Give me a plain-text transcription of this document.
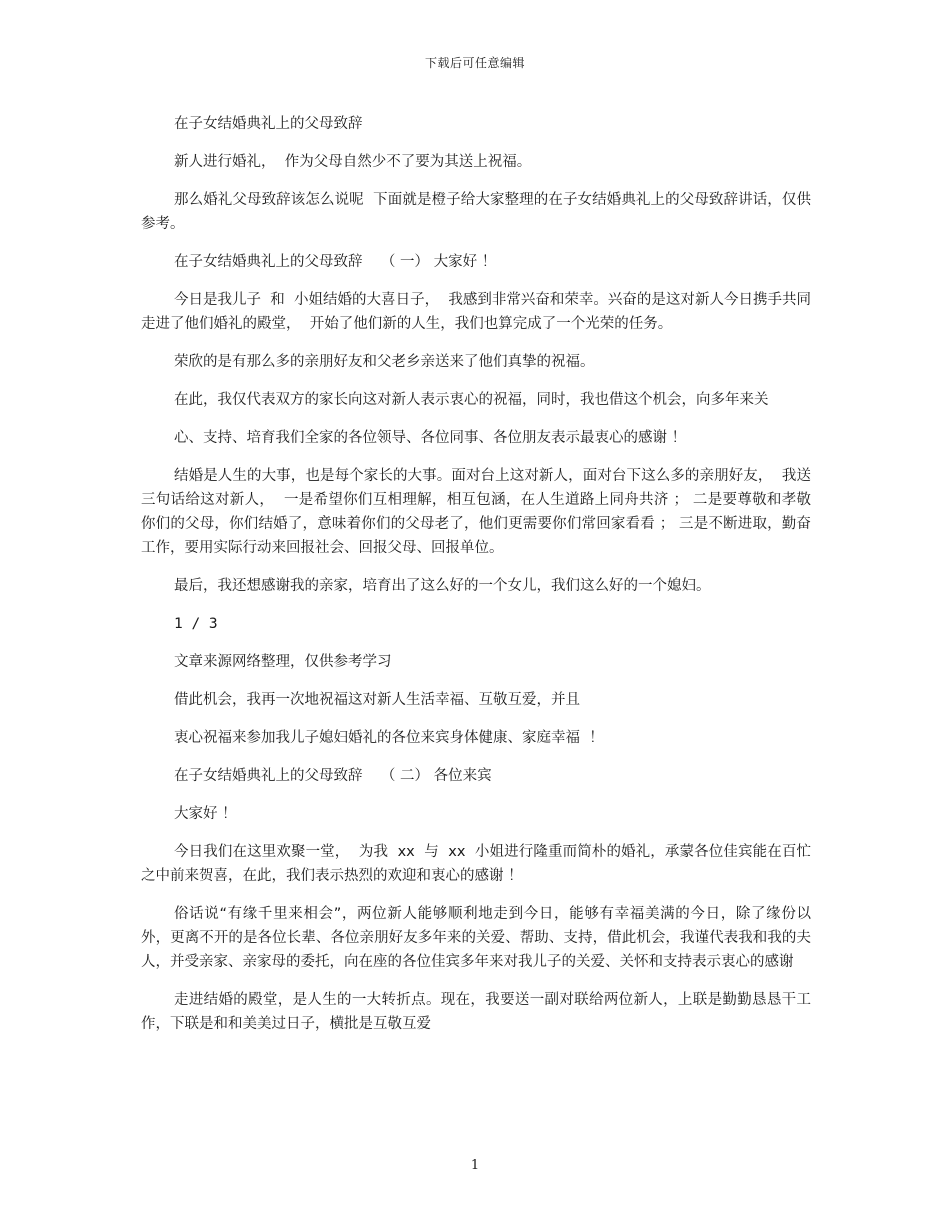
下载后可任意编辑

在子女结婚典礼上的父母致辞

新人进行婚礼，  作为父母自然少不了要为其送上祝福。

那么婚礼父母致辞该怎么说呢  下面就是橙子给大家整理的在子女结婚典礼上的父母致辞讲话，仅供参考。

在子女结婚典礼上的父母致辞    （ 一） 大家好 ！

今日是我儿子  和  小姐结婚的大喜日子，  我感到非常兴奋和荣幸。兴奋的是这对新人今日携手共同走进了他们婚礼的殿堂，  开始了他们新的人生，我们也算完成了一个光荣的任务。

荣欣的是有那么多的亲朋好友和父老乡亲送来了他们真挚的祝福。

在此，我仅代表双方的家长向这对新人表示衷心的祝福，同时，我也借这个机会，向多年来关

心、支持、培育我们全家的各位领导、各位同事、各位朋友表示最衷心的感谢 ！

结婚是人生的大事，也是每个家长的大事。面对台上这对新人，面对台下这么多的亲朋好友，  我送三句话给这对新人，  一是希望你们互相理解，相互包涵，在人生道路上同舟共济 ； 二是要尊敬和孝敬你们的父母，你们结婚了，意味着你们的父母老了，他们更需要你们常回家看看 ； 三是不断进取，勤奋工作，要用实际行动来回报社会、回报父母、回报单位。

最后，我还想感谢我的亲家，培育出了这么好的一个女儿，我们这么好的一个媳妇。

1 / 3

文章来源网络整理，仅供参考学习

借此机会，我再一次地祝福这对新人生活幸福、互敬互爱，并且

衷心祝福来参加我儿子媳妇婚礼的各位来宾身体健康、家庭幸福  ！

在子女结婚典礼上的父母致辞    （ 二） 各位来宾

大家好 ！

今日我们在这里欢聚一堂，  为我  xx  与  xx  小姐进行隆重而简朴的婚礼，承蒙各位佳宾能在百忙之中前来贺喜，在此，我们表示热烈的欢迎和衷心的感谢 ！

俗话说“有缘千里来相会”，两位新人能够顺利地走到今日，能够有幸福美满的今日，除了缘份以外，更离不开的是各位长辈、各位亲朋好友多年来的关爱、帮助、支持，借此机会，我谨代表我和我的夫人，并受亲家、亲家母的委托，向在座的各位佳宾多年来对我儿子的关爱、关怀和支持表示衷心的感谢

走进结婚的殿堂，是人生的一大转折点。现在，我要送一副对联给两位新人，上联是勤勤恳恳干工作，下联是和和美美过日子，横批是互敬互爱

1
